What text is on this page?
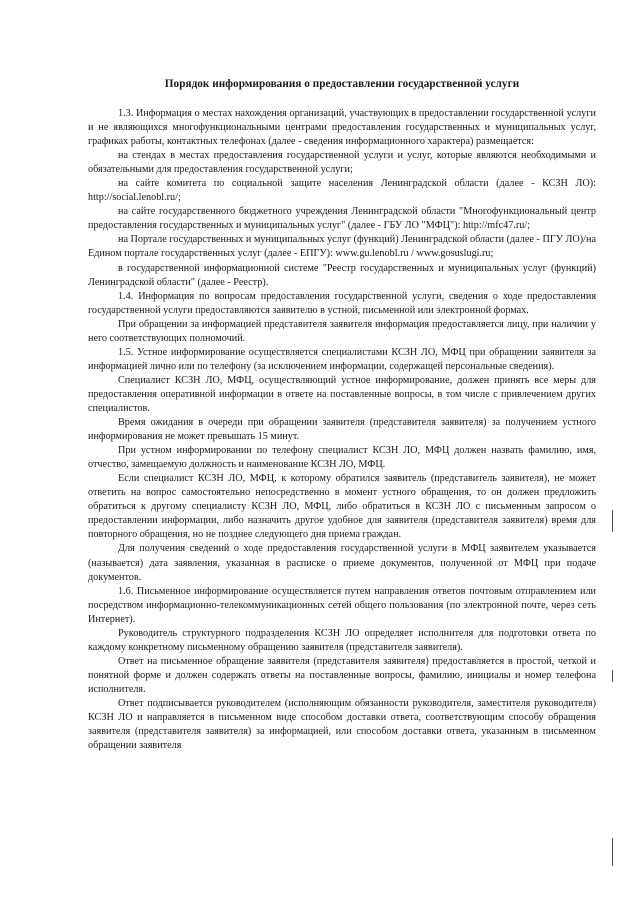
Порядок информирования о предоставлении государственной услуги

1.3. Информация о местах нахождения организаций, участвующих в предоставлении государственной услуги и не являющихся многофункциональными центрами предоставления государственных и муниципальных услуг, графиках работы, контактных телефонах (далее - сведения информационного характера) размещается:

на стендах в местах предоставления государственной услуги и услуг, которые являются необходимыми и обязательными для предоставления государственной услуги;

на сайте комитета по социальной защите населения Ленинградской области (далее - КСЗН ЛО): http://social.lenobl.ru/;

на сайте государственного бюджетного учреждения Ленинградской области "Многофункциональный центр предоставления государственных и муниципальных услуг" (далее - ГБУ ЛО "МФЦ"): http://mfc47.ru/;

на Портале государственных и муниципальных услуг (функций) Ленинградской области (далее - ПГУ ЛО)/на Едином портале государственных услуг (далее - ЕПГУ): www.gu.lenobl.ru / www.gosuslugi.ru;

в государственной информационной системе "Реестр государственных и муниципальных услуг (функций) Ленинградской области" (далее - Реестр).

1.4. Информация по вопросам предоставления государственной услуги, сведения о ходе предоставления государственной услуги предоставляются заявителю в устной, письменной или электронной формах.

При обращении за информацией представителя заявителя информация предоставляется лицу, при наличии у него соответствующих полномочий.

1.5. Устное информирование осуществляется специалистами КСЗН ЛО, МФЦ при обращении заявителя за информацией лично или по телефону (за исключением информации, содержащей персональные сведения).

Специалист КСЗН ЛО, МФЦ, осуществляющий устное информирование, должен принять все меры для предоставления оперативной информации в ответе на поставленные вопросы, в том числе с привлечением других специалистов.

Время ожидания в очереди при обращении заявителя (представителя заявителя) за получением устного информирования не может превышать 15 минут.

При устном информировании по телефону специалист КСЗН ЛО, МФЦ должен назвать фамилию, имя, отчество, замещаемую должность и наименование КСЗН ЛО, МФЦ.

Если специалист КСЗН ЛО, МФЦ, к которому обратился заявитель (представитель заявителя), не может ответить на вопрос самостоятельно непосредственно в момент устного обращения, то он должен предложить обратиться к другому специалисту КСЗН ЛО, МФЦ, либо обратиться в КСЗН ЛО с письменным запросом о предоставлении информации, либо назначить другое удобное для заявителя (представителя заявителя) время для повторного обращения, но не позднее следующего дня приема граждан.

Для получения сведений о ходе предоставления государственной услуги в МФЦ заявителем указывается (называется) дата заявления, указанная в расписке о приеме документов, полученной от МФЦ при подаче документов.

1.6. Письменное информирование осуществляется путем направления ответов почтовым отправлением или посредством информационно-телекоммуникационных сетей общего пользования (по электронной почте, через сеть Интернет).

Руководитель структурного подразделения КСЗН ЛО определяет исполнителя для подготовки ответа по каждому конкретному письменному обращению заявителя (представителя заявителя).

Ответ на письменное обращение заявителя (представителя заявителя) предоставляется в простой, четкой и понятной форме и должен содержать ответы на поставленные вопросы, фамилию, инициалы и номер телефона исполнителя.

Ответ подписывается руководителем (исполняющим обязанности руководителя, заместителя руководителя) КСЗН ЛО и направляется в письменном виде способом доставки ответа, соответствующим способу обращения заявителя (представителя заявителя) за информацией, или способом доставки ответа, указанным в письменном обращении заявителя
